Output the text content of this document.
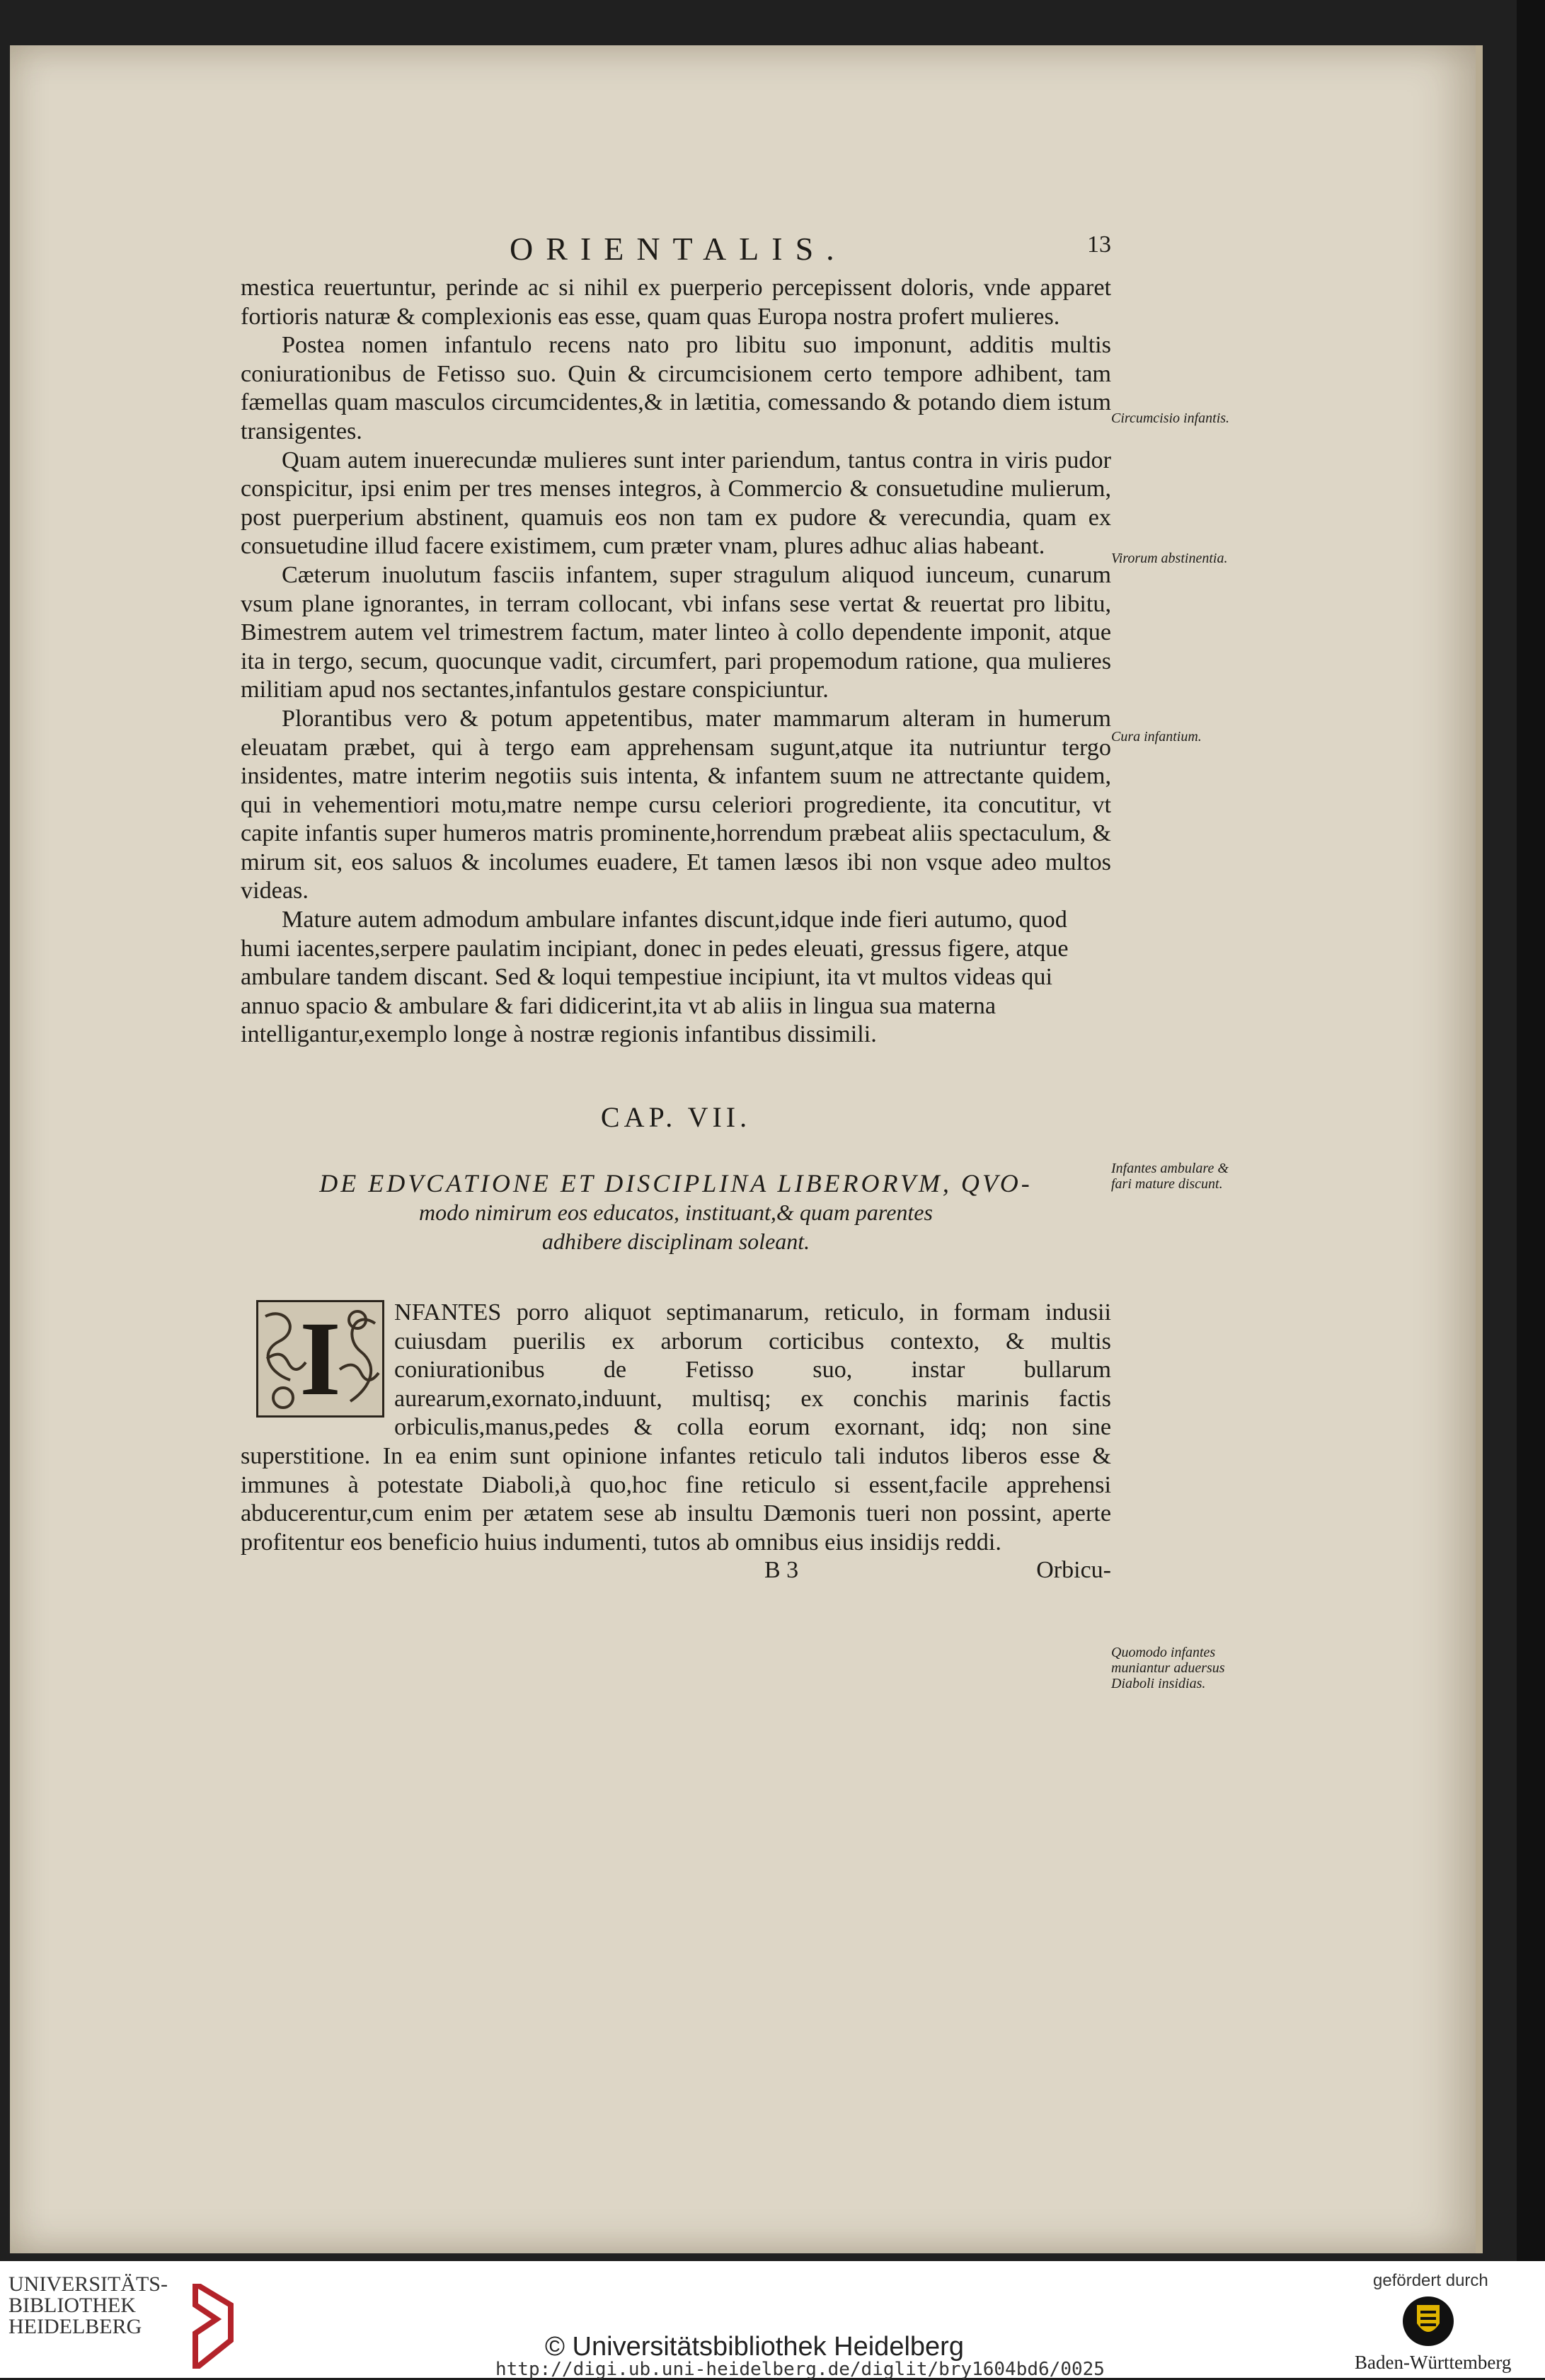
ORIENTALIS.	13

mestica reuertuntur, perinde ac si nihil ex puerperio percepissent doloris, vnde apparet fortioris naturæ & complexionis eas esse, quam quas Europa nostra profert mulieres.

Postea nomen infantulo recens nato pro libitu suo imponunt, additis multis coniurationibus de Fetisso suo. Quin & circumcisionem certo tempore adhibent, tam fæmellas quam masculos circumcidentes,& in lætitia, comessando & potando diem istum transigentes.

Quam autem inuerecundæ mulieres sunt inter pariendum, tantus contra in viris pudor conspicitur, ipsi enim per tres menses integros, à Commercio & consuetudine mulierum, post puerperium abstinent, quamuis eos non tam ex pudore & verecundia, quam ex consuetudine illud facere existimem, cum præter vnam, plures adhuc alias habeant.

Cæterum inuolutum fasciis infantem, super stragulum aliquod iunceum, cunarum vsum plane ignorantes, in terram collocant, vbi infans sese vertat & reuertat pro libitu, Bimestrem autem vel trimestrem factum, mater linteo à collo dependente imponit, atque ita in tergo, secum, quocunque vadit, circumfert, pari propemodum ratione, qua mulieres militiam apud nos sectantes,infantulos gestare conspiciuntur.

Plorantibus vero & potum appetentibus, mater mammarum alteram in humerum eleuatam præbet, qui à tergo eam apprehensam sugunt,atque ita nutriuntur tergo insidentes, matre interim negotiis suis intenta, & infantem suum ne attrectante quidem, qui in vehementiori motu,matre nempe cursu celeriori progrediente, ita concutitur, vt capite infantis super humeros matris prominente,horrendum præbeat aliis spectaculum, & mirum sit, eos saluos & incolumes euadere, Et tamen læsos ibi non vsque adeo multos videas.

Mature autem admodum ambulare infantes discunt,idque inde fieri autumo, quod humi iacentes,serpere paulatim incipiant, donec in pedes eleuati, gressus figere, atque ambulare tandem discant. Sed & loqui tempestiue incipiunt, ita vt multos videas qui annuo spacio & ambulare & fari didicerint,ita vt ab aliis in lingua sua materna intelligantur,exemplo longe à nostræ regionis infantibus dissimili.

CAP. VII.
DE EDVCATIONE ET DISCIPLINA LIBERORVM, QVO-
modo nimirum eos educatos, instituant,& quam parentes adhibere disciplinam soleant.
I	NFANTES porro aliquot septimanarum, reticulo, in formam indusii cuiusdam puerilis ex arborum corticibus contexto, & multis coniurationibus de Fetisso suo, instar bullarum aurearum,exornato,induunt, multisq; ex conchis marinis factis orbiculis,manus,pedes & colla eorum exornant, idq; non sine superstitione. In ea enim sunt opinione infantes reticulo tali indutos liberos esse & immunes à potestate Diaboli,à quo,hoc fine reticulo si essent,facile apprehensi abducerentur,cum enim per ætatem sese ab insultu Dæmonis tueri non possint, aperte profitentur eos beneficio huius indumenti, tutos ab omnibus eius insidijs reddi.

B 3	Orbicu-
Circumcisio infantis.
Virorum abstinentia.
Cura infantium.
Infantes ambulare & fari mature discunt.
Quomodo infantes muniantur aduersus Diaboli insidias.
UNIVERSITÄTS-
BIBLIOTHEK
HEIDELBERG
© Universitätsbibliothek Heidelberg
http://digi.ub.uni-heidelberg.de/diglit/bry1604bd6/0025
gefördert durch
Baden-Württemberg
